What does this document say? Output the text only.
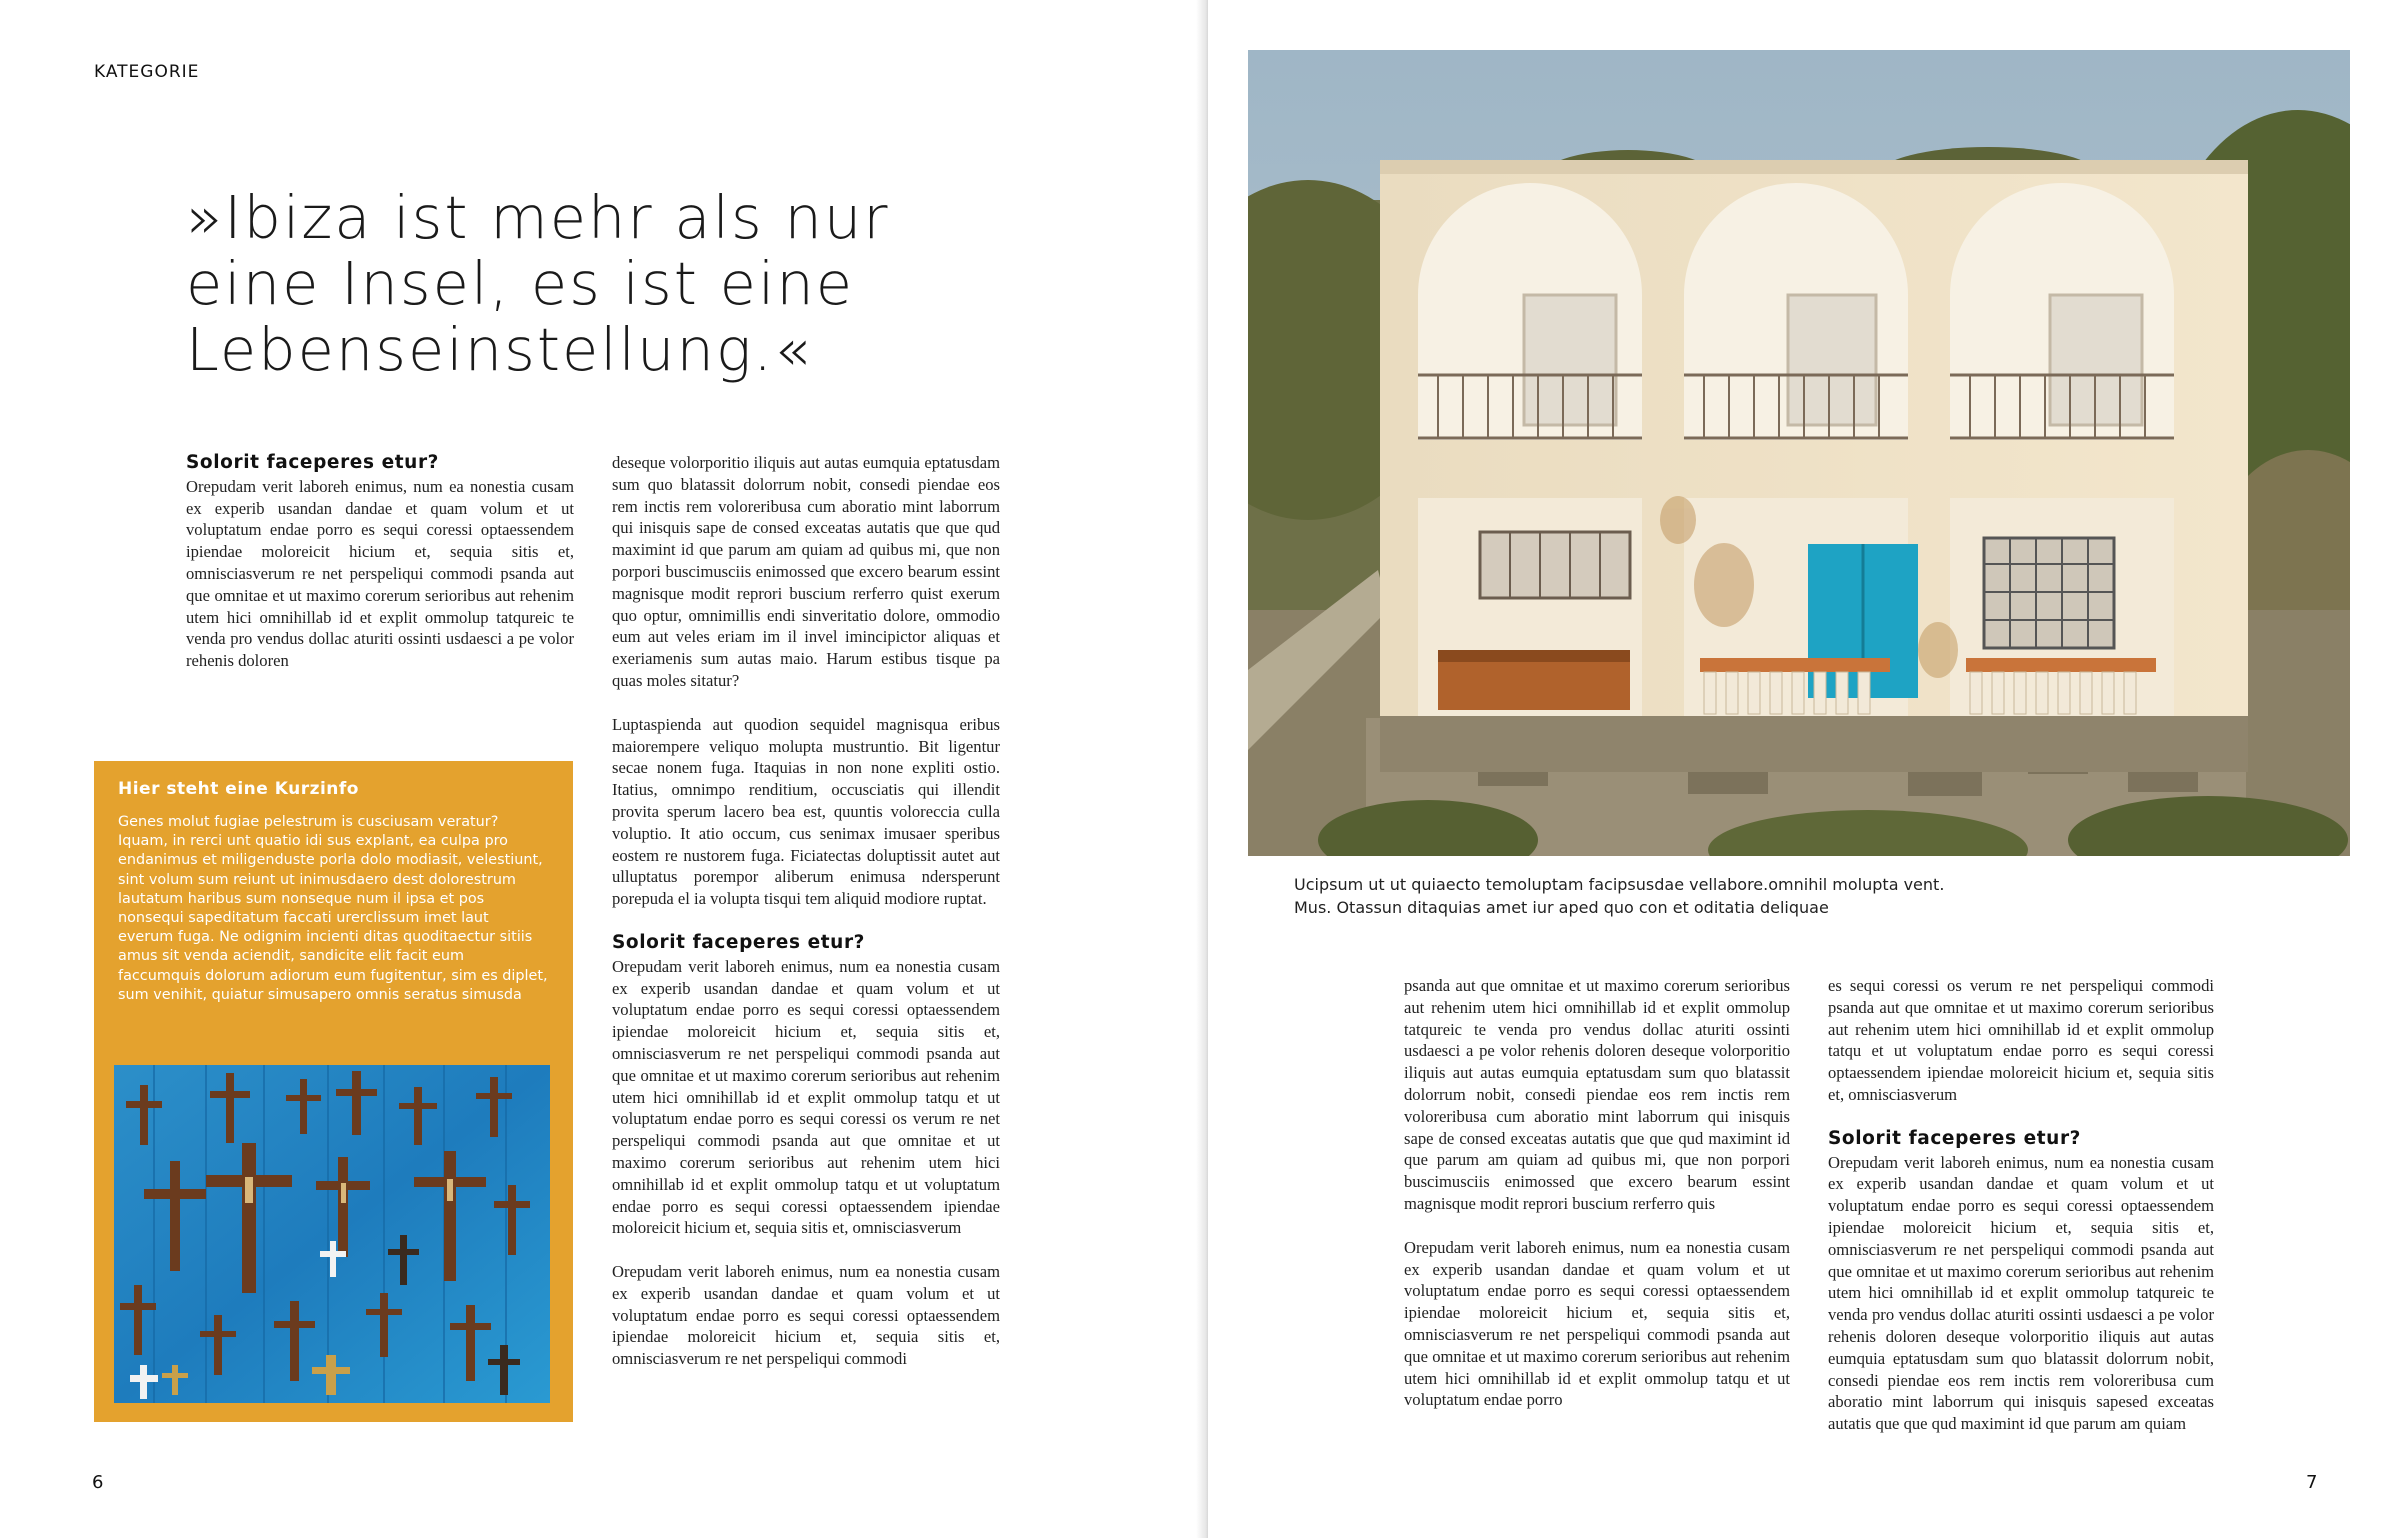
KATEGORIE
»Ibiza ist mehr als nur
eine Insel, es ist eine
Lebenseinstellung.«
Solorit faceperes etur?

Orepudam verit laboreh enimus, num ea nonestia cusam ex experib usandan dandae et quam volum et ut voluptatum endae porro es sequi coressi optaessendem ipiendae moloreicit hicium et, sequia sitis et, omnisciasverum re net perspeliqui commodi psanda aut que omnitae et ut maximo corerum serioribus aut rehenim utem hici omnihillab id et explit ommolup tatqureic te venda pro vendus dollac aturiti ossinti usdaesci a pe volor rehenis doloren

deseque volorporitio iliquis aut autas eumquia eptatusdam sum quo blatassit dolorrum nobit, consedi piendae eos rem inctis rem voloreribusa cum aboratio mint laborrum qui inisquis sape de consed exceatas autatis que que qud maximint id que parum am quiam ad quibus mi, que non porpori buscimusciis enimossed que excero bearum essint magnisque modit reprori buscium rerferro quist exerum quo optur, omnimillis endi sinveritatio dolore, ommodio eum aut veles eriam im il invel imincipictor aliquas et exeriamenis sum autas maio. Harum estibus tisque pa quas moles sitatur?

Luptaspienda aut quodion sequidel magnisqua eribus maiorempere veliquo molupta mustruntio. Bit ligentur secae nonem fuga. Itaquias in non none expliti ostio. Itatius, omnimpo renditium, occusciatis qui illendit provita sperum lacero bea est, quuntis voloreccia culla voluptio. It atio occum, cus senimax imusaer speribus eostem re nustorem fuga. Ficiatectas doluptissit autet aut ulluptatus porempor aliberum enimusa ndersperunt porepuda el ia volupta tisqui tem aliquid modiore ruptat.

Solorit faceperes etur?

Orepudam verit laboreh enimus, num ea nonestia cusam ex experib usandan dandae et quam volum et ut voluptatum endae porro es sequi coressi optaessendem ipiendae moloreicit hicium et, sequia sitis et, omnisciasverum re net perspeliqui commodi psanda aut que omnitae et ut maximo corerum serioribus aut rehenim utem hici omnihillab id et explit ommolup tatqu et ut voluptatum endae porro es sequi coressi os verum re net perspeliqui commodi psanda aut que omnitae et ut maximo corerum serioribus aut rehenim utem hici omnihillab id et explit ommolup tatqu et ut voluptatum endae porro es sequi coressi optaessendem ipiendae moloreicit hicium et, sequia sitis et, omnisciasverum

Orepudam verit laboreh enimus, num ea nonestia cusam ex experib usandan dandae et quam volum et ut voluptatum endae porro es sequi coressi optaessendem ipiendae moloreicit hicium et, sequia sitis et, omnisciasverum re net perspeliqui commodi

Hier steht eine Kurzinfo
Genes molut fugiae pelestrum is cusciusam veratur? Iquam, in rerci unt quatio idi sus explant, ea culpa pro endanimus et miligenduste porla dolo modiasit, velestiunt, sint volum sum reiunt ut inimusdaero dest dolorestrum lautatum haribus sum nonseque num il ipsa et pos nonsequi sapeditatum faccati urerclissum imet laut everum fuga. Ne odignim incienti ditas quoditaectur sitiis amus sit venda aciendit, sandicite elit facit eum faccumquis dolorum adiorum eum fugitentur, sim es diplet, sum venihit, quiatur simusapero omnis seratus simusda
6
Ucipsum ut ut quiaecto temoluptam facipsusdae vellabore.omnihil molupta vent.
Mus. Otassun ditaquias amet iur aped quo con et oditatia deliquae

psanda aut que omnitae et ut maximo corerum serioribus aut rehenim utem hici omnihillab id et explit ommolup tatqureic te venda pro vendus dollac aturiti ossinti usdaesci a pe volor rehenis doloren deseque volorporitio iliquis aut autas eumquia eptatusdam sum quo blatassit dolorrum nobit, consedi piendae eos rem inctis rem voloreribusa cum aboratio mint laborrum qui inisquis sape de consed exceatas autatis que que qud maximint id que parum am quiam ad quibus mi, que non porpori buscimusciis enimossed que excero bearum essint magnisque modit reprori buscium rerferro quis

Orepudam verit laboreh enimus, num ea nonestia cusam ex experib usandan dandae et quam volum et ut voluptatum endae porro es sequi coressi optaessendem ipiendae moloreicit hicium et, sequia sitis et, omnisciasverum re net perspeliqui commodi psanda aut que omnitae et ut maximo corerum serioribus aut rehenim utem hici omnihillab id et explit ommolup tatqu et ut voluptatum endae porro

es sequi coressi os verum re net perspeliqui commodi psanda aut que omnitae et ut maximo corerum serioribus aut rehenim utem hici omnihillab id et explit ommolup tatqu et ut voluptatum endae porro es sequi coressi optaessendem ipiendae moloreicit hicium et, sequia sitis et, omnisciasverum

Solorit faceperes etur?

Orepudam verit laboreh enimus, num ea nonestia cusam ex experib usandan dandae et quam volum et ut voluptatum endae porro es sequi coressi optaessendem ipiendae moloreicit hicium et, sequia sitis et, omnisciasverum re net perspeliqui commodi psanda aut que omnitae et ut maximo corerum serioribus aut rehenim utem hici omnihillab id et explit ommolup tatqureic te venda pro vendus dollac aturiti ossinti usdaesci a pe volor rehenis doloren deseque volorporitio iliquis aut autas eumquia eptatusdam sum quo blatassit dolorrum nobit, consedi piendae eos rem inctis rem voloreribusa cum aboratio mint laborrum qui inisquis sapesed exceatas autatis que que qud maximint id que parum am quiam

7
